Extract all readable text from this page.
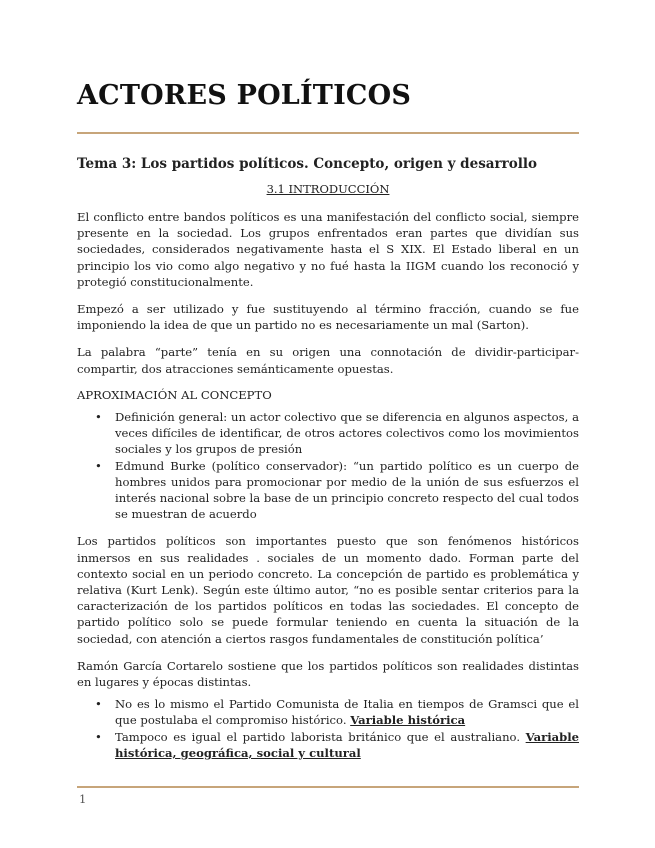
ACTORES POLÍTICOS
Tema 3: Los partidos políticos. Concepto, origen y desarrollo
3.1 INTRODUCCIÓN

El conflicto entre bandos políticos es una manifestación del conflicto social, siempre presente en la sociedad. Los grupos enfrentados eran partes que dividían sus sociedades, considerados negativamente hasta el S XIX. El Estado liberal en un principio los vio como algo negativo y no fué hasta la IIGM cuando los reconoció y protegió constitucionalmente.

Empezó a ser utilizado y fue sustituyendo al término fracción, cuando se fue imponiendo la idea de que un partido no es necesariamente un mal (Sarton).

La palabra “parte” tenía en su origen una connotación de dividir-participar-compartir, dos atracciones semánticamente opuestas.

APROXIMACIÓN AL CONCEPTO

• Definición general: un actor colectivo que se diferencia en algunos aspectos, a veces difíciles de identificar, de otros actores colectivos como los movimientos sociales y los grupos de presión
• Edmund Burke (político conservador): “un partido político es un cuerpo de hombres unidos para promocionar por medio de la unión de sus esfuerzos el interés nacional sobre la base de un principio concreto respecto del cual todos se muestran de acuerdo

Los partidos políticos son importantes puesto que son fenómenos históricos inmersos en sus realidades . sociales de un momento dado. Forman parte del contexto social en un periodo concreto. La concepción de partido es problemática y relativa (Kurt Lenk). Según este último autor, “no es posible sentar criterios para la caracterización de los partidos políticos en todas las sociedades. El concepto de partido político solo se puede formular teniendo en cuenta la situación de la sociedad, con atención a ciertos rasgos fundamentales de constitución política’

Ramón García Cortarelo sostiene que los partidos políticos son realidades distintas en lugares y épocas distintas.

• No es lo mismo el Partido Comunista de Italia en tiempos de Gramsci que el que postulaba el compromiso histórico. Variable histórica
• Tampoco es igual el partido laborista británico que el australiano. Variable histórica, geográfica, social y cultural
1
